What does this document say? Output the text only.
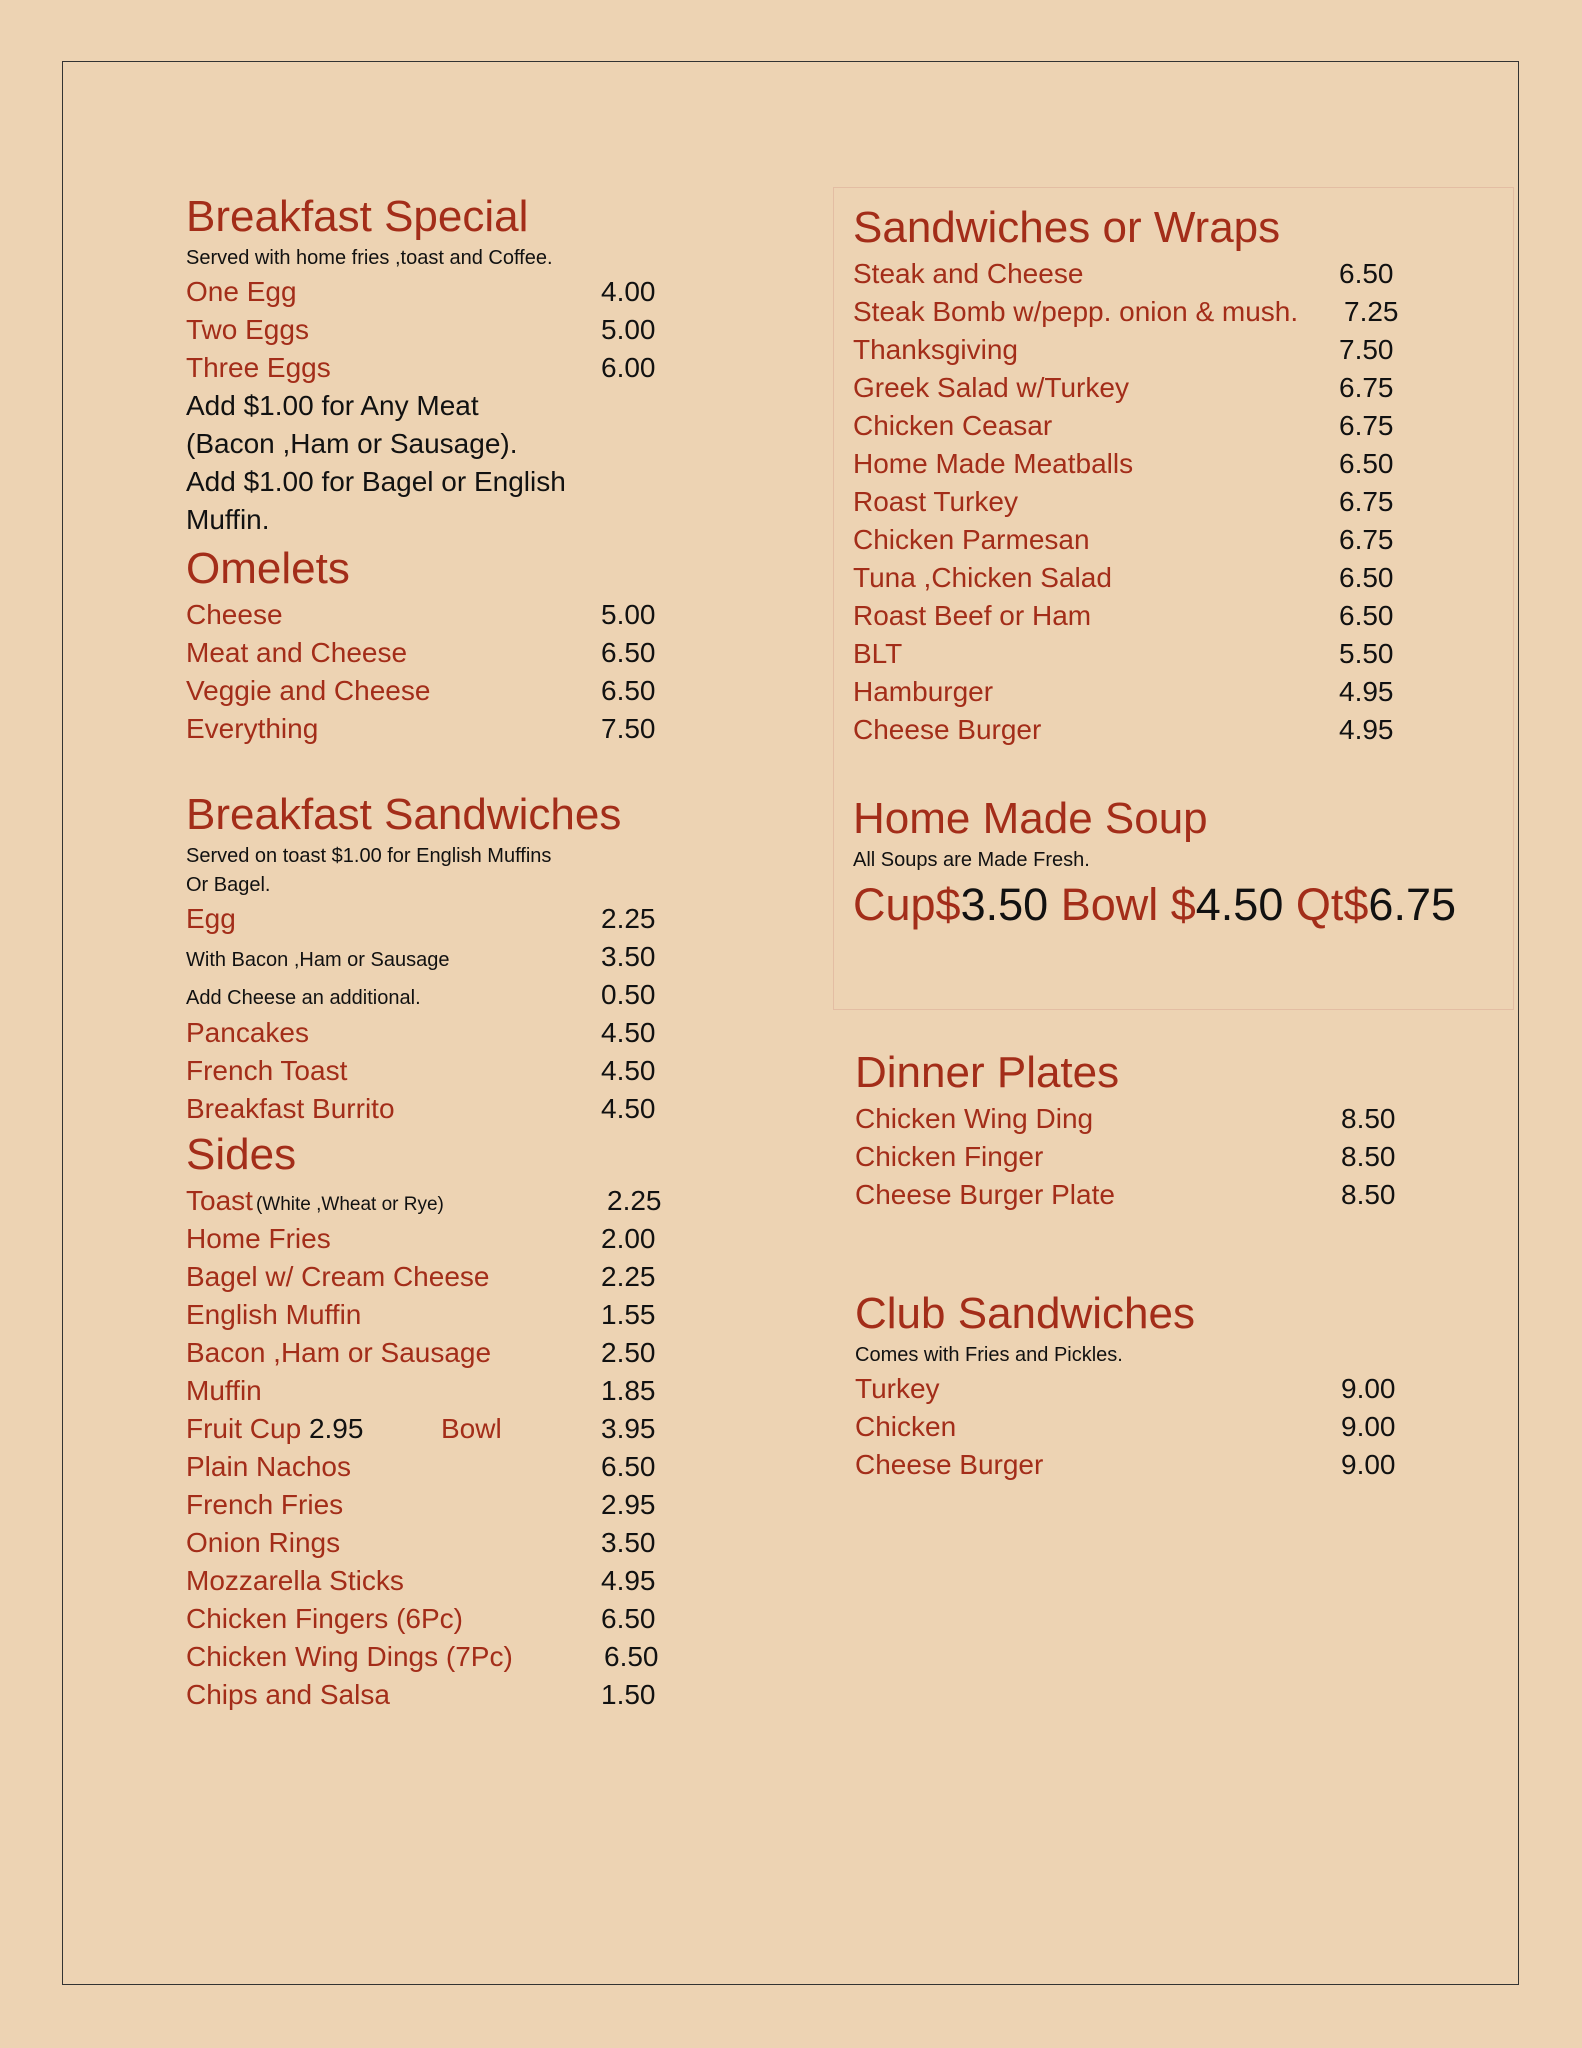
Breakfast Special
Served with home fries ,toast and Coffee.
One Egg	4.00
Two Eggs	5.00
Three Eggs	6.00
Add $1.00 for Any Meat
(Bacon ,Ham or Sausage).
Add $1.00 for Bagel or English
Muffin.
Omelets
Cheese	5.00
Meat and Cheese	6.50
Veggie and Cheese	6.50
Everything	7.50
Breakfast Sandwiches
Served on toast $1.00 for English Muffins
Or Bagel.
Egg	2.25
With Bacon ,Ham or Sausage	3.50
Add Cheese an additional.	0.50
Pancakes	4.50
French Toast	4.50
Breakfast Burrito	4.50
Sides
Toast (White ,Wheat or Rye)	2.25
Home Fries	2.00
Bagel w/ Cream Cheese	2.25
English Muffin	1.55
Bacon ,Ham or Sausage	2.50
Muffin	1.85
Fruit Cup 2.95	Bowl	3.95
Plain Nachos	6.50
French Fries	2.95
Onion Rings	3.50
Mozzarella Sticks	4.95
Chicken Fingers (6Pc)	6.50
Chicken Wing Dings (7Pc)	6.50
Chips and Salsa	1.50
Sandwiches or Wraps
Steak and Cheese	6.50
Steak Bomb w/pepp. onion & mush. 7.25
Thanksgiving	7.50
Greek Salad w/Turkey	6.75
Chicken Ceasar	6.75
Home Made Meatballs	6.50
Roast Turkey	6.75
Chicken Parmesan	6.75
Tuna ,Chicken Salad	6.50
Roast Beef or Ham	6.50
BLT	5.50
Hamburger	4.95
Cheese Burger	4.95
Home Made Soup
All Soups are Made Fresh.
Cup$3.50 Bowl $4.50 Qt$6.75
Dinner Plates
Chicken Wing Ding	8.50
Chicken Finger	8.50
Cheese Burger Plate	8.50
Club Sandwiches
Comes with Fries and Pickles.
Turkey	9.00
Chicken	9.00
Cheese Burger	9.00
